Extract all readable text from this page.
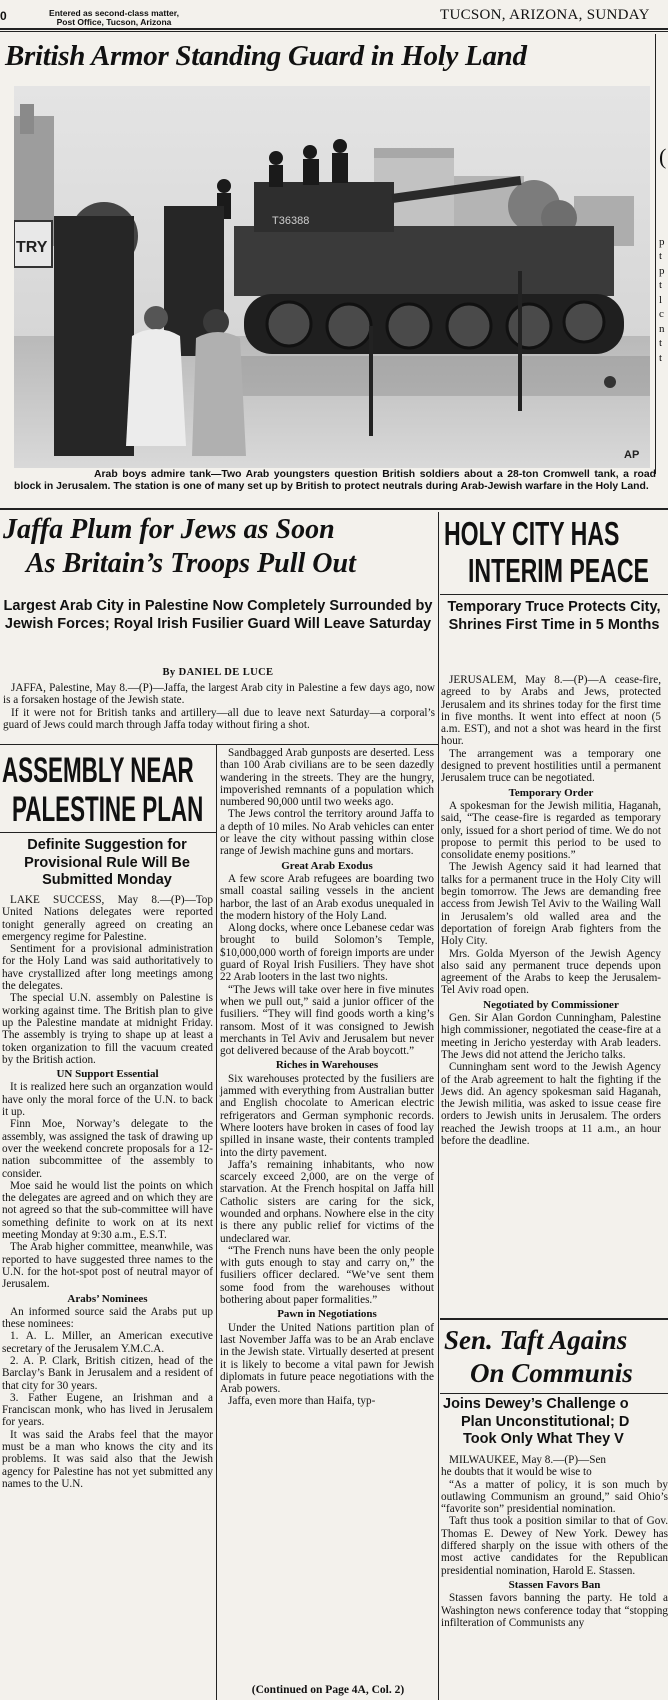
0	Entered as second-class matter,
Post Office, Tucson, Arizona	TUCSON, ARIZONA, SUNDAY
British Armor Standing Guard in Holy Land
T36388
TRY
AP
Arab boys admire tank—Two Arab youngsters question British soldiers about a 28-ton Cromwell tank, a road block in Jerusalem. The station is one of many set up by British to protect neutrals during Arab-Jewish warfare in the Holy Land.
Jaffa Plum for Jews as Soon
As Britain’s Troops Pull Out
HOLY CITY HAS
INTERIM PEACE
Largest Arab City in Palestine Now Completely Surrounded by Jewish Forces; Royal Irish Fusilier Guard Will Leave Saturday
By DANIEL DE LUCE
Temporary Truce Protects City, Shrines First Time in 5 Months

JAFFA, Palestine, May 8.—(P)—Jaffa, the largest Arab city in Palestine a few days ago, now is a forsaken hostage of the Jewish state.

If it were not for British tanks and artillery—all due to leave next Saturday—a corporal’s guard of Jews could march through Jaffa today without firing a shot.

JERUSALEM, May 8.—(P)—A cease-fire, agreed to by Arabs and Jews, protected Jerusalem and its shrines today for the first time in five months. It went into effect at noon (5 a.m. EST), and not a shot was heard in the first hour.

The arrangement was a temporary one designed to prevent hostilities until a permanent Jerusalem truce can be negotiated.

Temporary Order

A spokesman for the Jewish militia, Haganah, said, “The cease-fire is regarded as temporary only, issued for a short period of time. We do not propose to permit this period to be used to consolidate enemy positions.”

The Jewish Agency said it had learned that talks for a permanent truce in the Holy City will begin tomorrow. The Jews are demanding free access from Jewish Tel Aviv to the Wailing Wall in Jerusalem’s old walled area and the deportation of foreign Arab fighters from the Holy City.

Mrs. Golda Myerson of the Jewish Agency also said any permanent truce depends upon agreement of the Arabs to keep the Jerusalem-Tel Aviv road open.

Negotiated by Commissioner

Gen. Sir Alan Gordon Cunningham, Palestine high commissioner, negotiated the cease-fire at a meeting in Jericho yesterday with Arab leaders. The Jews did not attend the Jericho talks.

Cunningham sent word to the Jewish Agency of the Arab agreement to halt the fighting if the Jews did. An agency spokesman said Haganah, the Jewish militia, was asked to issue cease fire orders to Jewish units in Jerusalem. The orders reached the Jewish troops at 11 a.m., an hour before the deadline.

ASSEMBLY NEAR
PALESTINE PLAN
Definite Suggestion for Provisional Rule Will Be Submitted Monday

LAKE SUCCESS, May 8.—(P)—Top United Nations delegates were reported tonight generally agreed on creating an emergency regime for Palestine.

Sentiment for a provisional administration for the Holy Land was said authoritatively to have crystallized after long meetings among the delegates.

The special U.N. assembly on Palestine is working against time. The British plan to give up the Palestine mandate at midnight Friday. The assembly is trying to shape up at least a token organization to fill the vacuum created by the British action.

UN Support Essential

It is realized here such an organzation would have only the moral force of the U.N. to back it up.

Finn Moe, Norway’s delegate to the assembly, was assigned the task of drawing up over the weekend concrete proposals for a 12-nation subcommittee of the assembly to consider.

Moe said he would list the points on which the delegates are agreed and on which they are not agreed so that the sub-committee will have something definite to work on at its next meeting Monday at 9:30 a.m., E.S.T.

The Arab higher committee, meanwhile, was reported to have suggested three names to the U.N. for the hot-spot post of neutral mayor of Jerusalem.

Arabs’ Nominees

An informed source said the Arabs put up these nominees:

1. A. L. Miller, an American executive secretary of the Jerusalem Y.M.C.A.

2. A. P. Clark, British citizen, head of the Barclay’s Bank in Jerusalem and a resident of that city for 30 years.

3. Father Eugene, an Irishman and a Franciscan monk, who has lived in Jerusalem for years.

It was said the Arabs feel that the mayor must be a man who knows the city and its problems. It was said also that the Jewish agency for Palestine has not yet submitted any names to the U.N.

Sandbagged Arab gunposts are deserted. Less than 100 Arab civilians are to be seen dazedly wandering in the streets. They are the hungry, impoverished remnants of a population which numbered 90,000 until two weeks ago.

The Jews control the territory around Jaffa to a depth of 10 miles. No Arab vehicles can enter or leave the city without passing within close range of Jewish machine guns and mortars.

Great Arab Exodus

A few score Arab refugees are boarding two small coastal sailing vessels in the ancient harbor, the last of an Arab exodus unequaled in the modern history of the Holy Land.

Along docks, where once Lebanese cedar was brought to build Solomon’s Temple, $10,000,000 worth of foreign imports are under guard of Royal Irish Fusiliers. They have shot 22 Arab looters in the last two nights.

“The Jews will take over here in five minutes when we pull out,” said a junior officer of the fusiliers. “They will find goods worth a king’s ransom. Most of it was consigned to Jewish merchants in Tel Aviv and Jerusalem but never got delivered because of the Arab boycott.”

Riches in Warehouses

Six warehouses protected by the fusiliers are jammed with everything from Australian butter and English chocolate to American electric refrigerators and German symphonic records. Where looters have broken in cases of food lay spilled in insane waste, their contents trampled into the dirty pavement.

Jaffa’s remaining inhabitants, who now scarcely exceed 2,000, are on the verge of starvation. At the French hospital on Jaffa hill Catholic sisters are caring for the sick, wounded and orphans. Nowhere else in the city is there any public relief for victims of the undeclared war.

“The French nuns have been the only people with guts enough to stay and carry on,” the fusiliers officer declared. “We’ve sent them some food from the warehouses without bothering about paper formalities.”

Pawn in Negotiations

Under the United Nations partition plan of last November Jaffa was to be an Arab enclave in the Jewish state. Virtually deserted at present it is likely to become a vital pawn for Jewish diplomats in future peace negotiations with the Arab powers.

Jaffa, even more than Haifa, typ-

(Continued on Page 4A, Col. 2)
Sen. Taft Agains
On Communis
Joins Dewey’s Challenge o
Plan Unconstitutional; D
Took Only What They V

MILWAUKEE, May 8.—(P)—Sen

he doubts that it would be wise to

“As a matter of policy, it is son much by outlawing Communism an ground,” said Ohio’s “favorite son” presidential nomination.

Taft thus took a position similar to that of Gov. Thomas E. Dewey of New York. Dewey has differed sharply on the issue with others of the most active candidates for the Republican presidential nomination, Harold E. Stassen.

Stassen Favors Ban

Stassen favors banning the party. He told a Washington news conference today that “stopping infilteration of Communists any

(
p
t
p
t
l
c
n
t
t
